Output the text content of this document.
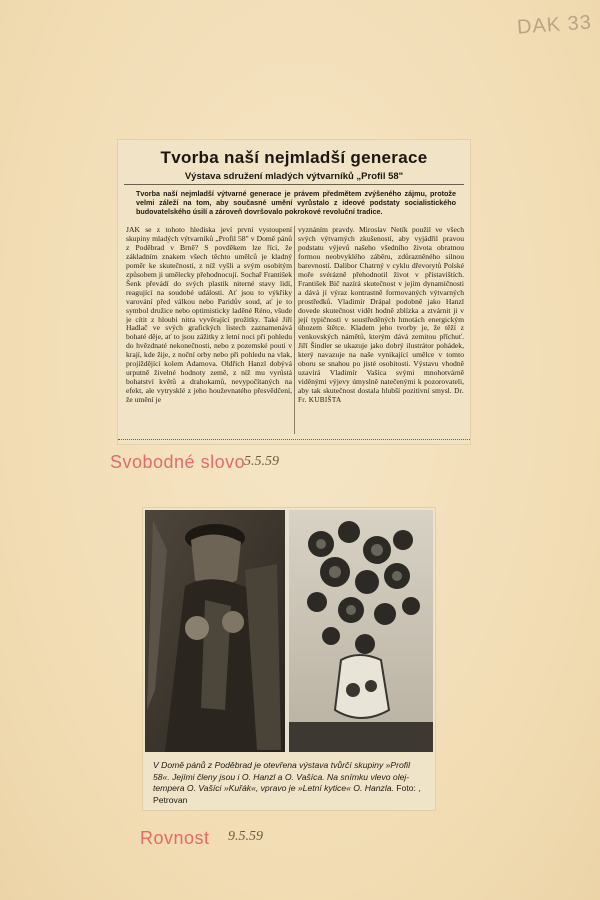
DAK 33
Tvorba naší nejmladší generace
Výstava sdružení mladých výtvarníků „Profil 58"
Tvorba naší nejmladší výtvarné generace je právem předmětem zvýšeného zájmu, protože velmi záleží na tom, aby současné umění vyrůstalo z ideové podstaty socialistického budovatelského úsilí a zároveň dovršovalo pokrokové revoluční tradice.
JAK se z tohoto hlediska jeví první vystoupení skupiny mladých výtvarníků „Profil 58" v Domě pánů z Poděbrad v Brně? S povděkem lze říci, že základním znakem všech těchto umělců je kladný poměr ke skutečnosti, z níž vyšli a svým osobitým způsobem ji umělecky přehodnocují. Sochař František Šenk převádí do svých plastik niterné stavy lidí, reagující na soudobé události. Ať jsou to výkřiky varování před válkou nebo Paridův soud, ať je to symbol družice nebo optimisticky laděné Réno, všude je cítit z hloubi nitra vyvěrající prožitky. Také Jiří Hadlač ve svých grafických listech zaznamenává bohaté děje, ať to jsou zážitky z letní noci při pohledu do hvězdnaté nekonečnosti, nebo z pozemské pouti v krají, kde žije, z noční orby nebo při pohledu na vlak, projíždějící kolem Adamova. Oldřich Hanzl dobývá urputně živelné hodnoty země, z níž mu vyrůstá bohatství květů a drahokamů, nevypočítaných na efekt, ale vytrysklé z jeho houževnatého přesvědčení, že umění je
vyznáním pravdy. Miroslav Netík použil ve všech svých výtvarných zkušeností, aby vyjádřil pravou podstatu výjevů našeho všedního života obratnou formou neobvyklého záběru, zdůrazněného silnou barevností. Dalibor Chatrný v cyklu dřevorytů Polské moře svérázně přehodnotil život v přístavištích. František Bič nazírá skutečnost v jejím dynamičnosti a dává jí výraz kontrastně formovaných výtvarných prostředků. Vladimír Drápal podobně jako Hanzl dovede skutečnost vidět hodně zblízka a ztvárnit ji v její typičnosti v soustředěných hmotách energickým úhozem štětce. Kladem jeho tvorby je, že těží z venkovských námětů, kterým dává zemitou příchuť. Jiří Šindler se ukazuje jako dobrý ilustrátor pohádek, který navazuje na naše vynikající umělce v tomto oboru se snahou po jisté osobitosti. Výstavu vhodně uzavírá Vladimír Vašíca svými mnohotvárně viděnými výjevy úmyslně natečenými k pozorovateli, aby tak skutečnost dostala hlubší pozitivní smysl. Dr. Fr. KUBIŠTA
Svobodné slovo
5.5.59
V Domě pánů z Poděbrad je otevřena výstava tvůrčí skupiny »Profil 58«. Jejími členy jsou i O. Hanzl a O. Vašíca. Na snímku vlevo olej-tempera O. Vašíci »Kuřák«, vpravo je »Letní kytice« O. Hanzla. Foto: , Petrovan
Rovnost 9.5.59
